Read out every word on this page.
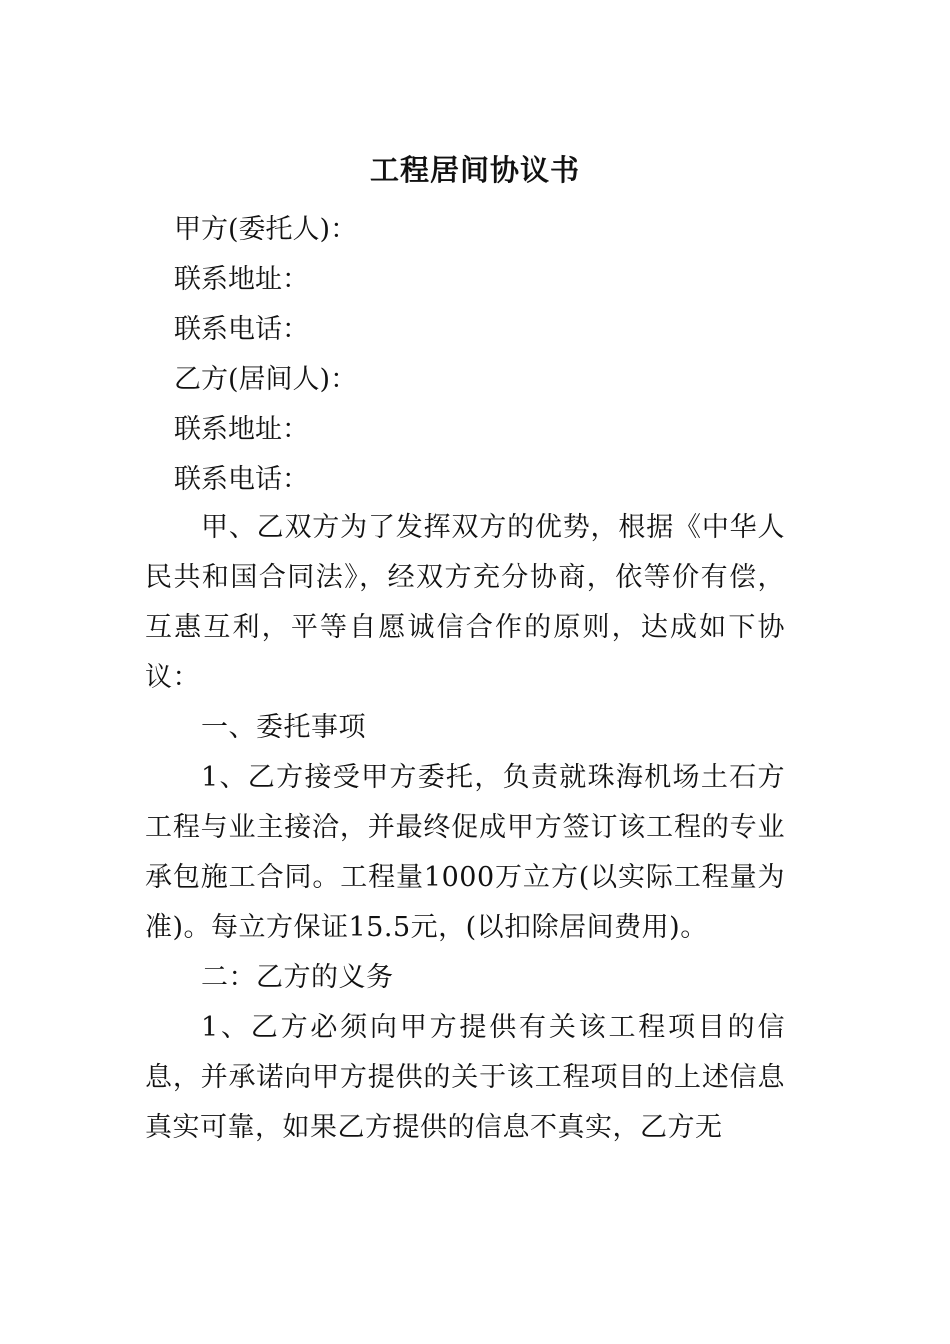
工程居间协议书
甲方(委托人)：
联系地址：
联系电话：
乙方(居间人)：
联系地址：
联系电话：

甲、乙双方为了发挥双方的优势，根据《中华人民共和国合同法》，经双方充分协商，依等价有偿，互惠互利，平等自愿诚信合作的原则，达成如下协议：

一、委托事项

1、乙方接受甲方委托，负责就珠海机场土石方工程与业主接洽，并最终促成甲方签订该工程的专业承包施工合同。工程量1000万立方(以实际工程量为准)。每立方保证15.5元，(以扣除居间费用)。

二：乙方的义务

1、乙方必须向甲方提供有关该工程项目的信息，并承诺向甲方提供的关于该工程项目的上述信息真实可靠，如果乙方提供的信息不真实，乙方无
